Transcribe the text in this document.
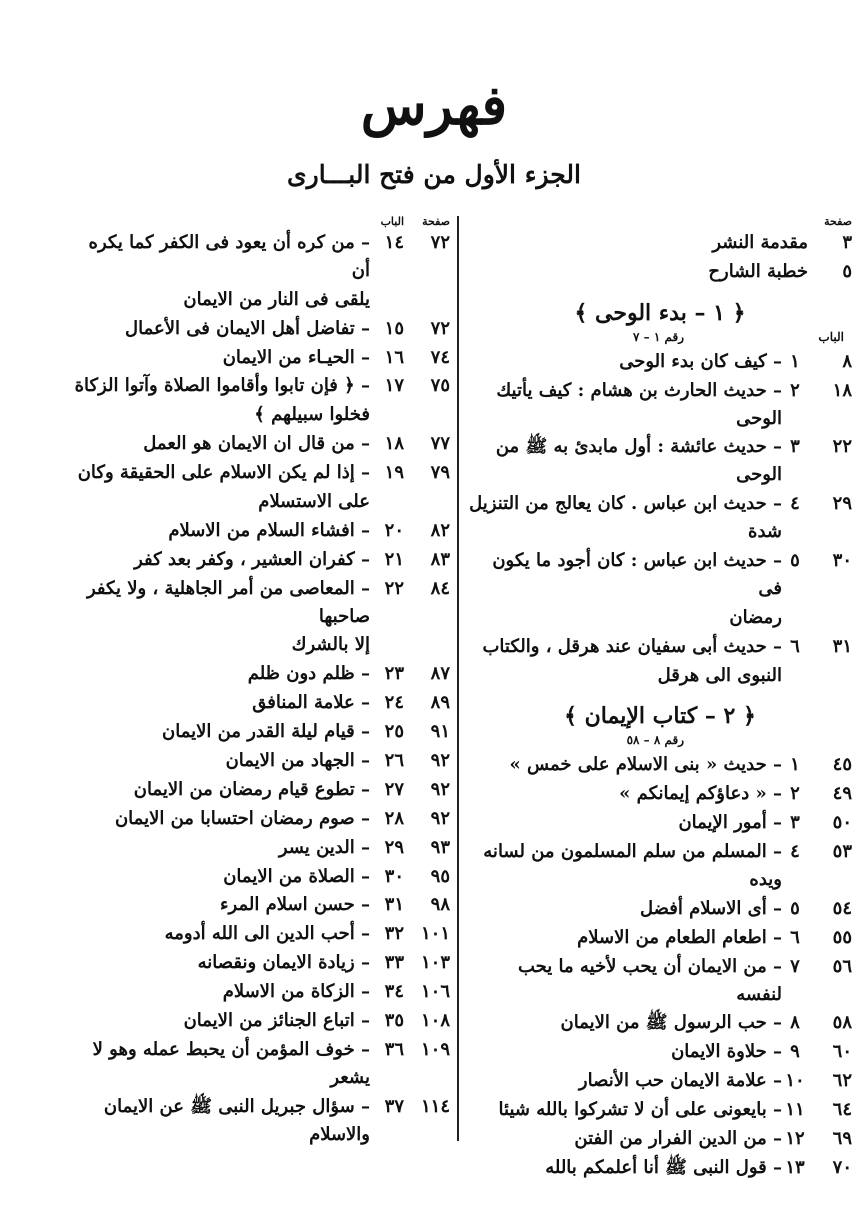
فهرس
الجزء الأول من فتح البـــارى
صفحة
٣
مقدمة النشر
٥
خطبة الشارح
﴿ ١ – بدء الوحى ﴾
الباب
رقم ١ – ٧
٨
١
– كيف كان بدء الوحى
١٨
٢
– حديث الحارث بن هشام : كيف يأتيك الوحى
٢٢
٣
– حديث عائشة : أول مابدئ به ﷺ من الوحى
٢٩
٤
– حديث ابن عباس . كان يعالج من التنزيل شدة
٣٠
٥
– حديث ابن عباس : كان أجود ما يكون فى
رمضان
٣١
٦
– حديث أبى سفيان عند هرقل ، والكتاب
النبوى الى هرقل
﴿ ٢ – كتاب الإيمان ﴾
رقم ٨ – ٥٨
٤٥
١
– حديث « بنى الاسلام على خمس »
٤٩
٢
– « دعاؤكم إيمانكم »
٥٠
٣
– أمور الإيمان
٥٣
٤
– المسلم من سلم المسلمون من لسانه ويده
٥٤
٥
– أى الاسلام أفضل
٥٥
٦
– اطعام الطعام من الاسلام
٥٦
٧
– من الايمان أن يحب لأخيه ما يحب لنفسه
٥٨
٨
– حب الرسول ﷺ من الايمان
٦٠
٩
– حلاوة الايمان
٦٢
١٠
– علامة الايمان حب الأنصار
٦٤
١١
– بايعونى على أن لا تشركوا بالله شيئا
٦٩
١٢
– من الدين الفرار من الفتن
٧٠
١٣
– قول النبى ﷺ أنا أعلمكم بالله
صفحة
الباب
٧٢
١٤
– من كره أن يعود فى الكفر كما يكره أن
يلقى فى النار من الايمان
٧٢
١٥
– تفاضل أهل الايمان فى الأعمال
٧٤
١٦
– الحيـاء من الايمان
٧٥
١٧
– ﴿ فإن تابوا وأقاموا الصلاة وآتوا الزكاة
فخلوا سبيلهم ﴾
٧٧
١٨
– من قال ان الايمان هو العمل
٧٩
١٩
– إذا لم يكن الاسلام على الحقيقة وكان
على الاستسلام
٨٢
٢٠
– افشاء السلام من الاسلام
٨٣
٢١
– كفران العشير ، وكفر بعد كفر
٨٤
٢٢
– المعاصى من أمر الجاهلية ، ولا يكفر صاحبها
إلا بالشرك
٨٧
٢٣
– ظلم دون ظلم
٨٩
٢٤
– علامة المنافق
٩١
٢٥
– قيام ليلة القدر من الايمان
٩٢
٢٦
– الجهاد من الايمان
٩٢
٢٧
– تطوع قيام رمضان من الايمان
٩٢
٢٨
– صوم رمضان احتسابا من الايمان
٩٣
٢٩
– الدين يسر
٩٥
٣٠
– الصلاة من الايمان
٩٨
٣١
– حسن اسلام المرء
١٠١
٣٢
– أحب الدين الى الله أدومه
١٠٣
٣٣
– زيادة الايمان ونقصانه
١٠٦
٣٤
– الزكاة من الاسلام
١٠٨
٣٥
– اتباع الجنائز من الايمان
١٠٩
٣٦
– خوف المؤمن أن يحبط عمله وهو لا يشعر
١١٤
٣٧
– سؤال جبريل النبى ﷺ عن الايمان والاسلام
